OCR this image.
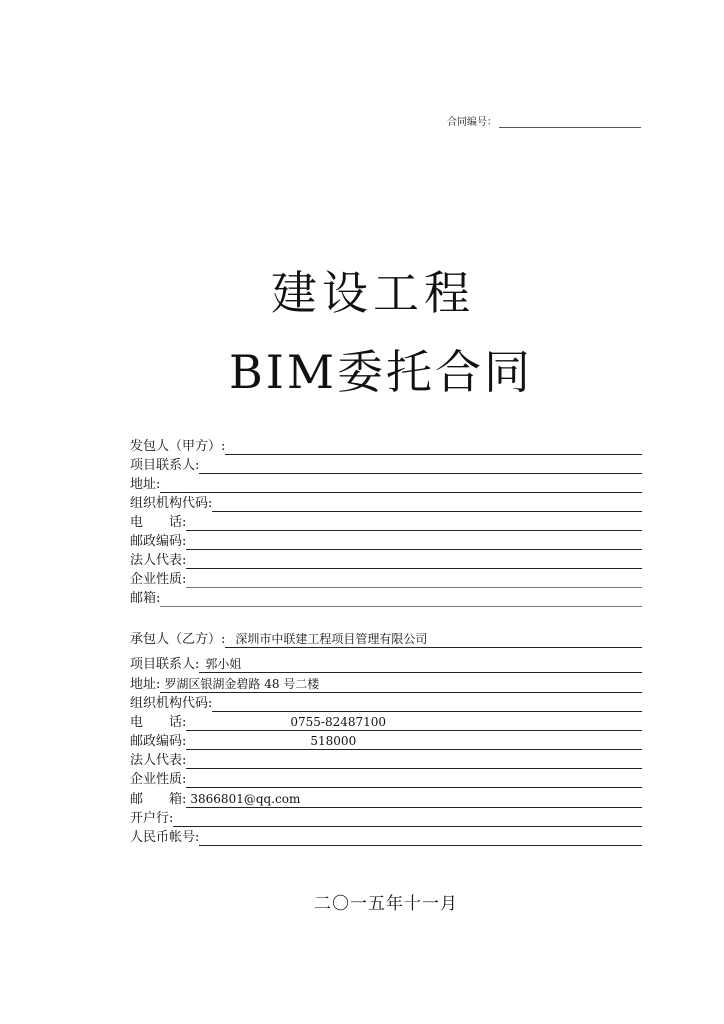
合同编号：
建设工程
BIM委托合同
发包人（甲方）:
项目联系人:
地址:
组织机构代码:
电　　话:
邮政编码:
法人代表:
企业性质:
邮箱:
承包人（乙方）: 深圳市中联建工程项目管理有限公司
项目联系人: 郭小姐
地址: 罗湖区银湖金碧路 48 号二楼
组织机构代码:
电　　话:	0755-82487100
邮政编码:	518000
法人代表:
企业性质:
邮　　箱: 3866801@qq.com
开户行:
人民币帐号:
二〇一五年十一月
